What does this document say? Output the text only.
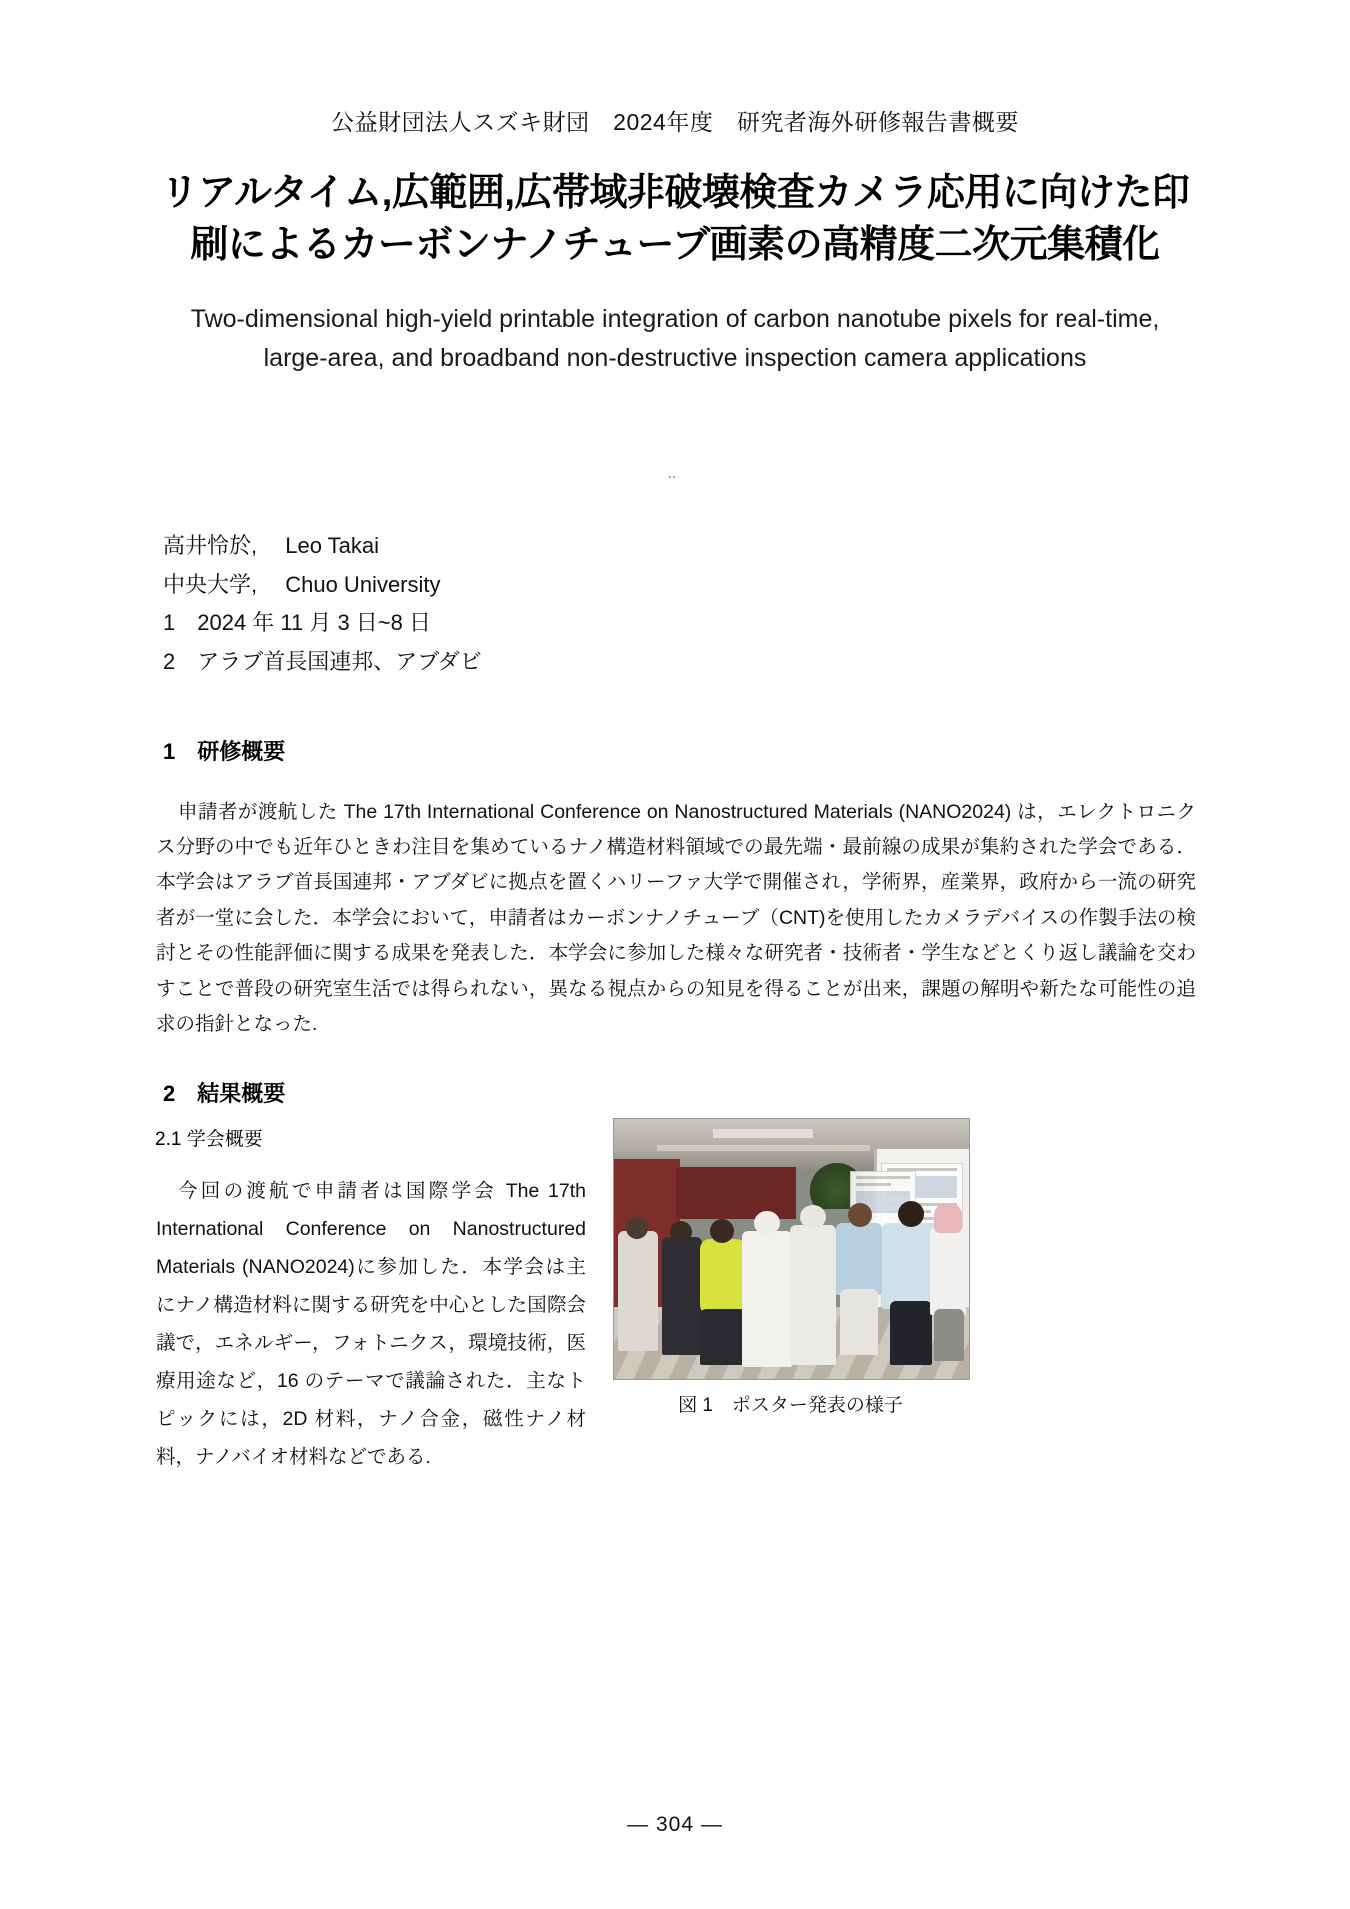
公益財団法人スズキ財団　2024年度　研究者海外研修報告書概要
リアルタイム,広範囲,広帯域非破壊検査カメラ応用に向けた印刷によるカーボンナノチューブ画素の高精度二次元集積化
Two-dimensional high-yield printable integration of carbon nanotube pixels for real-time, large-area, and broadband non-destructive inspection camera applications
‥
高井怜於,　 Leo Takai
中央大学,　 Chuo University
1　2024 年 11 月 3 日~8 日
2　アラブ首長国連邦、アブダビ
1　研修概要

申請者が渡航した The 17th International Conference on Nanostructured Materials (NANO2024) は，エレクトロニクス分野の中でも近年ひときわ注目を集めているナノ構造材料領域での最先端・最前線の成果が集約された学会である．本学会はアラブ首長国連邦・アブダビに拠点を置くハリーファ大学で開催され，学術界，産業界，政府から一流の研究者が一堂に会した．本学会において，申請者はカーボンナノチューブ（CNT)を使用したカメラデバイスの作製手法の検討とその性能評価に関する成果を発表した．本学会に参加した様々な研究者・技術者・学生などとくり返し議論を交わすことで普段の研究室生活では得られない，異なる視点からの知見を得ることが出来，課題の解明や新たな可能性の追求の指針となった.

2　結果概要
2.1 学会概要

今回の渡航で申請者は国際学会 The 17th International Conference on Nanostructured Materials (NANO2024)に参加した．本学会は主にナノ構造材料に関する研究を中心とした国際会議で，エネルギー，フォトニクス，環境技術，医療用途など，16 のテーマで議論された．主なトピックには，2D 材料，ナノ合金，磁性ナノ材料，ナノバイオ材料などである.

図 1　ポスター発表の様子
— 304 —
